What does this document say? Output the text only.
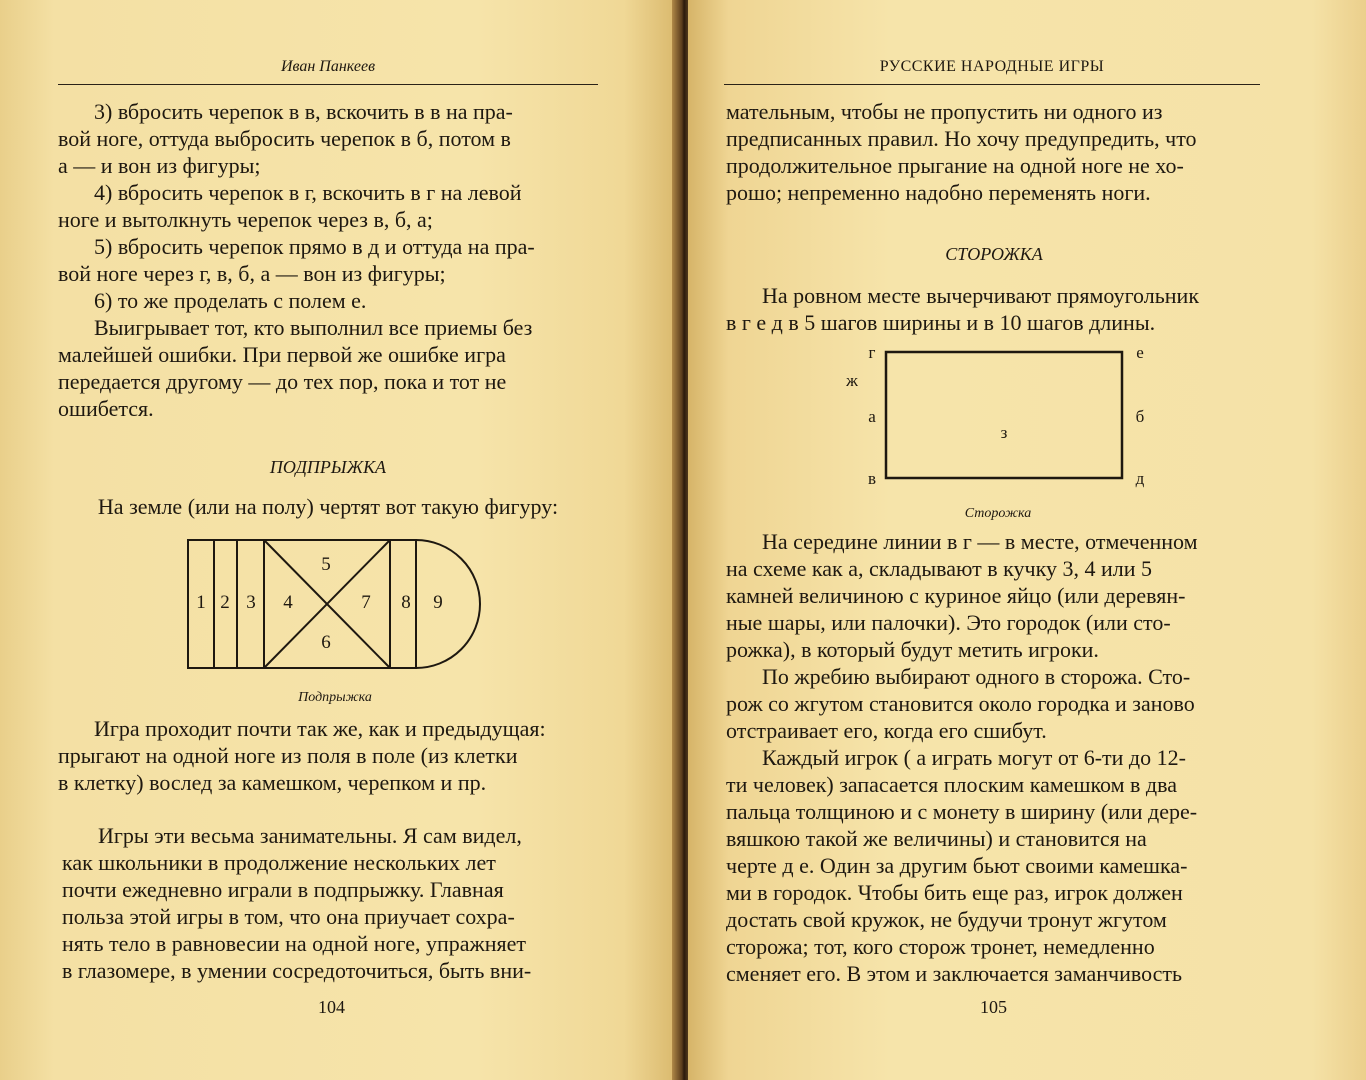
Иван Панкеев

3) вбросить черепок в в, вскочить в в на пра-

вой ноге, оттуда выбросить черепок в б, потом в

а — и вон из фигуры;

4) вбросить черепок в г, вскочить в г на левой

ноге и вытолкнуть черепок через в, б, а;

5) вбросить черепок прямо в д и оттуда на пра-

вой ноге через г, в, б, а — вон из фигуры;

6) то же проделать с полем е.

Выигрывает тот, кто выполнил все приемы без

малейшей ошибки. При первой же ошибке игра

передается другому — до тех пор, пока и тот не

ошибется.

ПОДПРЫЖКА

На земле (или на полу) чертят вот такую фигуру:

1 2 3 4
5
6
7 8 9
Подпрыжка

Игра проходит почти так же, как и предыдущая:

прыгают на одной ноге из поля в поле (из клетки

в клетку) вослед за камешком, черепком и пр.

Игры эти весьма занимательны. Я сам видел,

как школьники в продолжение нескольких лет

почти ежедневно играли в подпрыжку. Главная

польза этой игры в том, что она приучает сохра-

нять тело в равновесии на одной ноге, упражняет

в глазомере, в умении сосредоточиться, быть вни-

104
РУССКИЕ НАРОДНЫЕ ИГРЫ

мательным, чтобы не пропустить ни одного из

предписанных правил. Но хочу предупредить, что

продолжительное прыгание на одной ноге не хо-

рошо; непременно надобно переменять ноги.

СТОРОЖКА

На ровном месте вычерчивают прямоугольник

в г е д в 5 шагов ширины и в 10 шагов длины.

г	е
ж
а	б
з
в	д
Сторожка

На середине линии в г — в месте, отмеченном

на схеме как а, складывают в кучку 3, 4 или 5

камней величиною с куриное яйцо (или деревян-

ные шары, или палочки). Это городок (или сто-

рожка), в который будут метить игроки.

По жребию выбирают одного в сторожа. Сто-

рож со жгутом становится около городка и заново

отстраивает его, когда его сшибут.

Каждый игрок ( а играть могут от 6-ти до 12-

ти человек) запасается плоским камешком в два

пальца толщиною и с монету в ширину (или дере-

вяшкою такой же величины) и становится на

черте д е. Один за другим бьют своими камешка-

ми в городок. Чтобы бить еще раз, игрок должен

достать свой кружок, не будучи тронут жгутом

сторожа; тот, кого сторож тронет, немедленно

сменяет его. В этом и заключается заманчивость

105
